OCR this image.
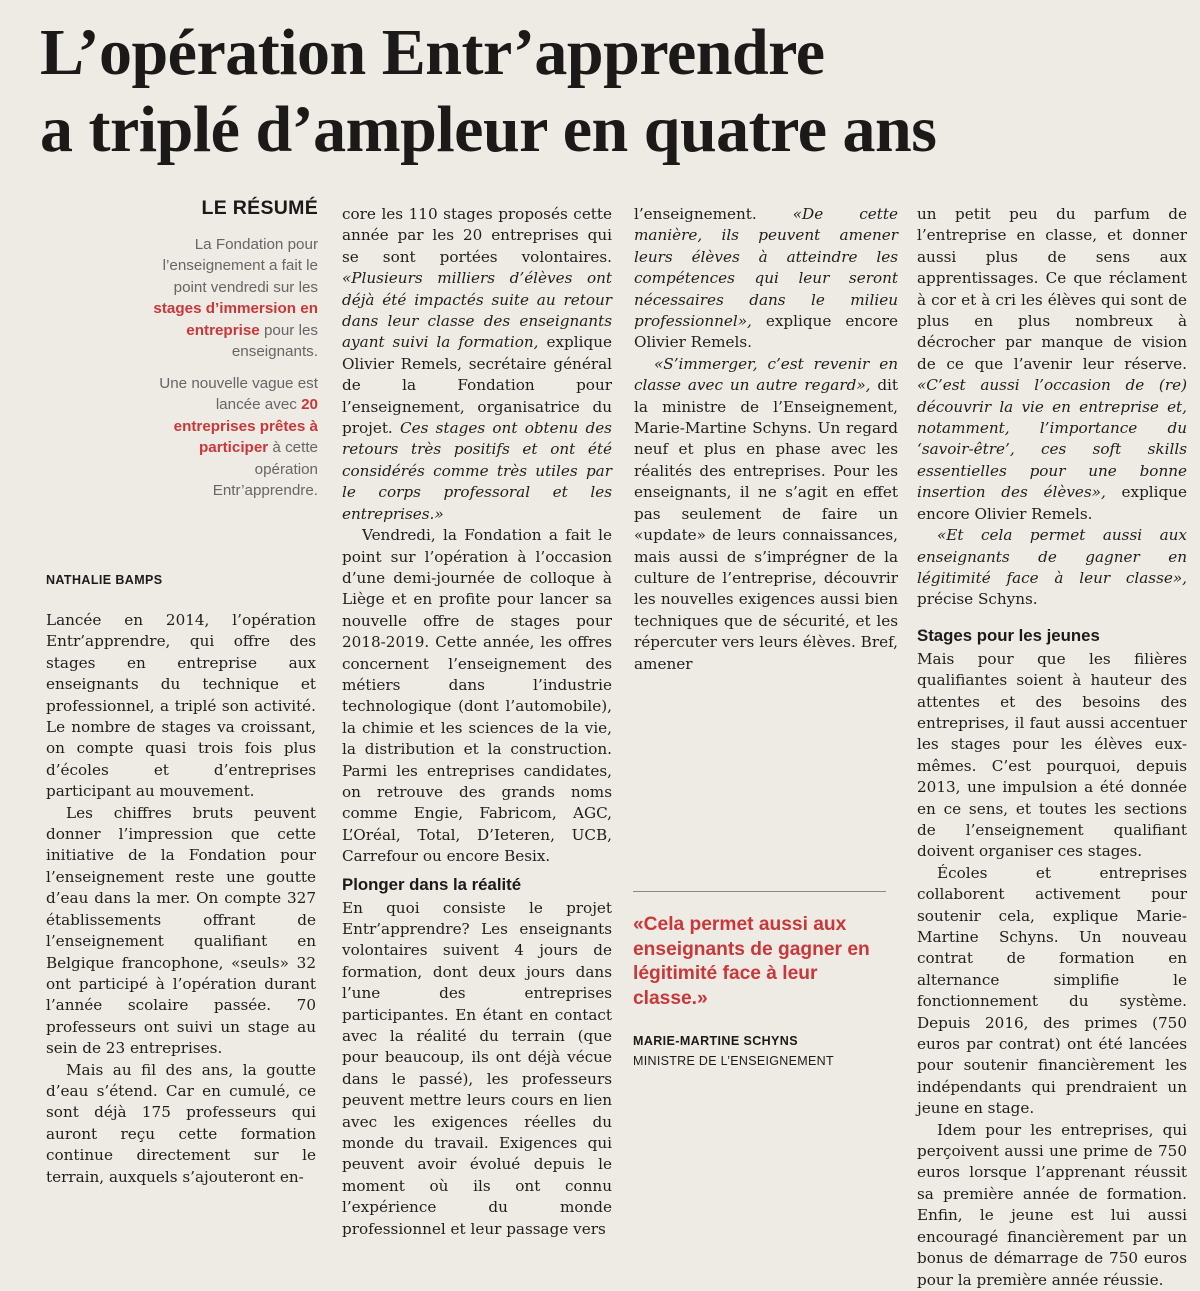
L’opération Entr’apprendre
a triplé d’ampleur en quatre ans
LE RÉSUMÉ

La Fondation pour l’enseignement a fait le point vendredi sur les stages d’immersion en entreprise pour les enseignants.

Une nouvelle vague est lancée avec 20 entreprises prêtes à participer à cette opération Entr’apprendre.

NATHALIE BAMPS

Lancée en 2014, l’opération Entr’apprendre, qui offre des stages en entreprise aux enseignants du technique et professionnel, a triplé son activité. Le nombre de stages va croissant, on compte quasi trois fois plus d’écoles et d’entreprises participant au mouvement.

Les chiffres bruts peuvent donner l’impression que cette initiative de la Fondation pour l’enseignement reste une goutte d’eau dans la mer. On compte 327 établissements offrant de l’enseignement qualifiant en Belgique francophone, «seuls» 32 ont participé à l’opération durant l’année scolaire passée. 70 professeurs ont suivi un stage au sein de 23 entreprises.

Mais au fil des ans, la goutte d’eau s’étend. Car en cumulé, ce sont déjà 175 professeurs qui auront reçu cette formation continue directement sur le terrain, auxquels s’ajouteront en-

core les 110 stages proposés cette année par les 20 entreprises qui se sont portées volontaires. «Plusieurs milliers d’élèves ont déjà été impactés suite au retour dans leur classe des enseignants ayant suivi la formation, explique Olivier Remels, secrétaire général de la Fondation pour l’enseignement, organisatrice du projet. Ces stages ont obtenu des retours très positifs et ont été considérés comme très utiles par le corps professoral et les entreprises.»

Vendredi, la Fondation a fait le point sur l’opération à l’occasion d’une demi-journée de colloque à Liège et en profite pour lancer sa nouvelle offre de stages pour 2018-2019. Cette année, les offres concernent l’enseignement des métiers dans l’industrie technologique (dont l’automobile), la chimie et les sciences de la vie, la distribution et la construction. Parmi les entreprises candidates, on retrouve des grands noms comme Engie, Fabricom, AGC, L’Oréal, Total, D’Ieteren, UCB, Carrefour ou encore Besix.

Plonger dans la réalité

En quoi consiste le projet Entr’apprendre? Les enseignants volontaires suivent 4 jours de formation, dont deux jours dans l’une des entreprises participantes. En étant en contact avec la réalité du terrain (que pour beaucoup, ils ont déjà vécue dans le passé), les professeurs peuvent mettre leurs cours en lien avec les exigences réelles du monde du travail. Exigences qui peuvent avoir évolué depuis le moment où ils ont connu l’expérience du monde professionnel et leur passage vers

l’enseignement. «De cette manière, ils peuvent amener leurs élèves à atteindre les compétences qui leur seront nécessaires dans le milieu professionnel», explique encore Olivier Remels.

«S’immerger, c’est revenir en classe avec un autre regard», dit la ministre de l’Enseignement, Marie-Martine Schyns. Un regard neuf et plus en phase avec les réalités des entreprises. Pour les enseignants, il ne s’agit en effet pas seulement de faire un «update» de leurs connaissances, mais aussi de s’imprégner de la culture de l’entreprise, découvrir les nouvelles exigences aussi bien techniques que de sécurité, et les répercuter vers leurs élèves. Bref, amener

un petit peu du parfum de l’entreprise en classe, et donner aussi plus de sens aux apprentissages. Ce que réclament à cor et à cri les élèves qui sont de plus en plus nombreux à décrocher par manque de vision de ce que l’avenir leur réserve. «C’est aussi l’occasion de (re) découvrir la vie en entreprise et, notamment, l’importance du ‘savoir-être’, ces soft skills essentielles pour une bonne insertion des élèves», explique encore Olivier Remels.

«Et cela permet aussi aux enseignants de gagner en légitimité face à leur classe», précise Schyns.

Stages pour les jeunes

Mais pour que les filières qualifiantes soient à hauteur des attentes et des besoins des entreprises, il faut aussi accentuer les stages pour les élèves eux-mêmes. C’est pourquoi, depuis 2013, une impulsion a été donnée en ce sens, et toutes les sections de l’enseignement qualifiant doivent organiser ces stages.

Écoles et entreprises collaborent activement pour soutenir cela, explique Marie-Martine Schyns. Un nouveau contrat de formation en alternance simplifie le fonctionnement du système. Depuis 2016, des primes (750 euros par contrat) ont été lancées pour soutenir financièrement les indépendants qui prendraient un jeune en stage.

Idem pour les entreprises, qui perçoivent aussi une prime de 750 euros lorsque l’apprenant réussit sa première année de formation. Enfin, le jeune est lui aussi encouragé financièrement par un bonus de démarrage de 750 euros pour la première année réussie.

«Cela permet aussi aux enseignants de gagner en légitimité face à leur classe.»
MARIE-MARTINE SCHYNS
MINISTRE DE L’ENSEIGNEMENT
